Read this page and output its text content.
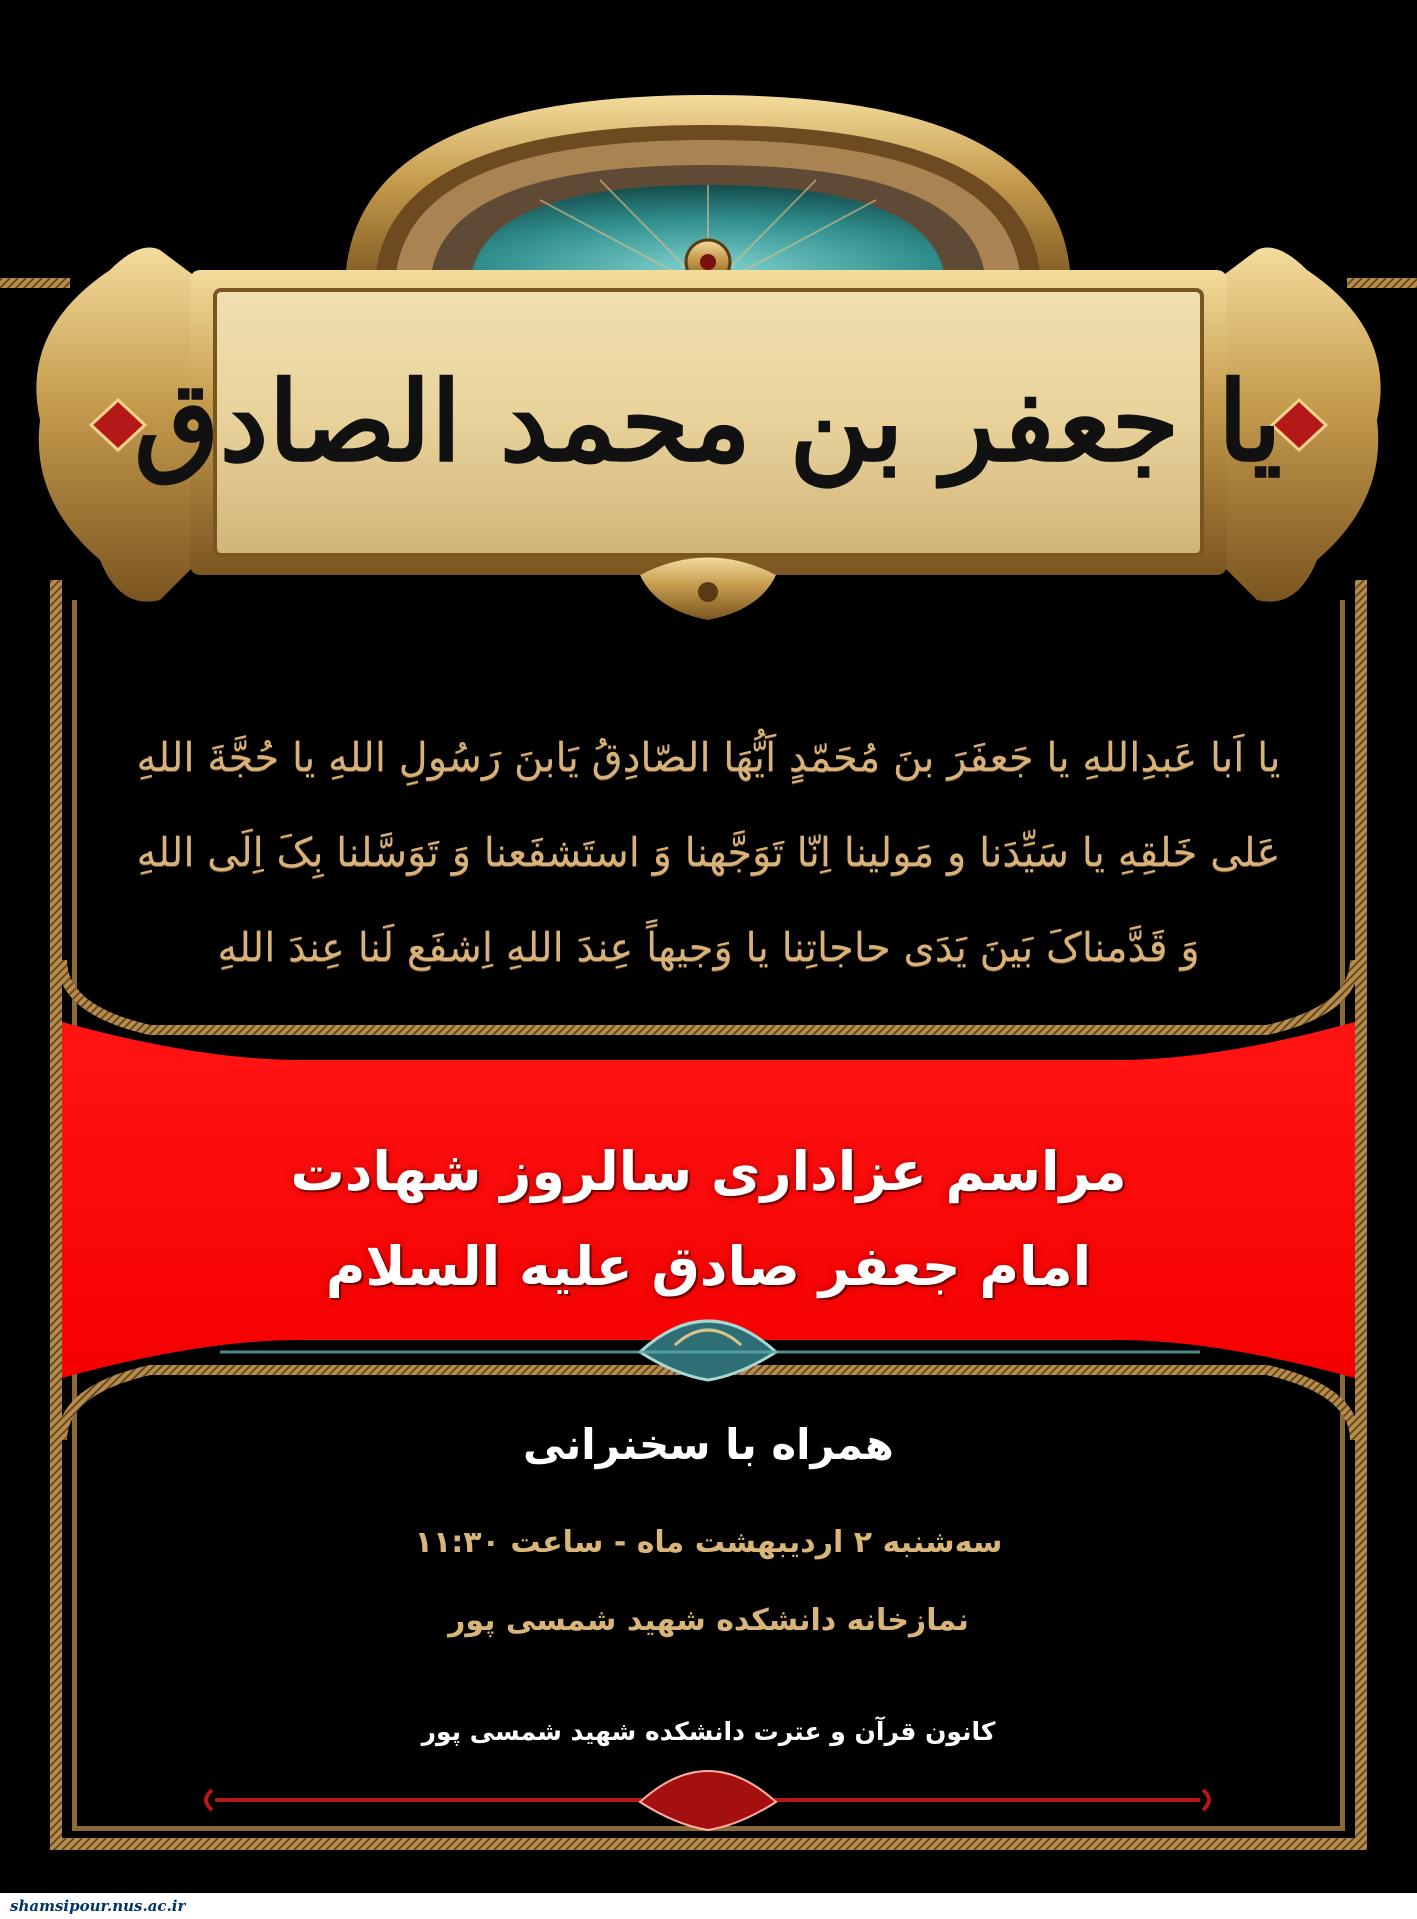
یا جعفر بن محمد الصادق
یا اَبا عَبدِاللهِ یا جَعفَرَ بنَ مُحَمّدٍ اَیُّهَا الصّادِقُ یَابنَ رَسُولِ اللهِ یا حُجَّةَ اللهِ
عَلی خَلقِهِ یا سَیِّدَنا و مَولینا اِنّا تَوَجَّهنا وَ استَشفَعنا وَ تَوَسَّلنا بِکَ اِلَی اللهِ
وَ قَدَّمناکَ بَینَ یَدَی حاجاتِنا یا وَجیهاً عِندَ اللهِ اِشفَع لَنا عِندَ اللهِ
مراسم عزاداری سالروز شهادت
امام جعفر صادق علیه السلام
همراه با سخنرانی
سه‌شنبه ۲ اردیبهشت ماه - ساعت ۱۱:۳۰
نمازخانه دانشکده شهید شمسی پور
کانون قرآن و عترت دانشکده شهید شمسی پور
shamsipour.nus.ac.ir
